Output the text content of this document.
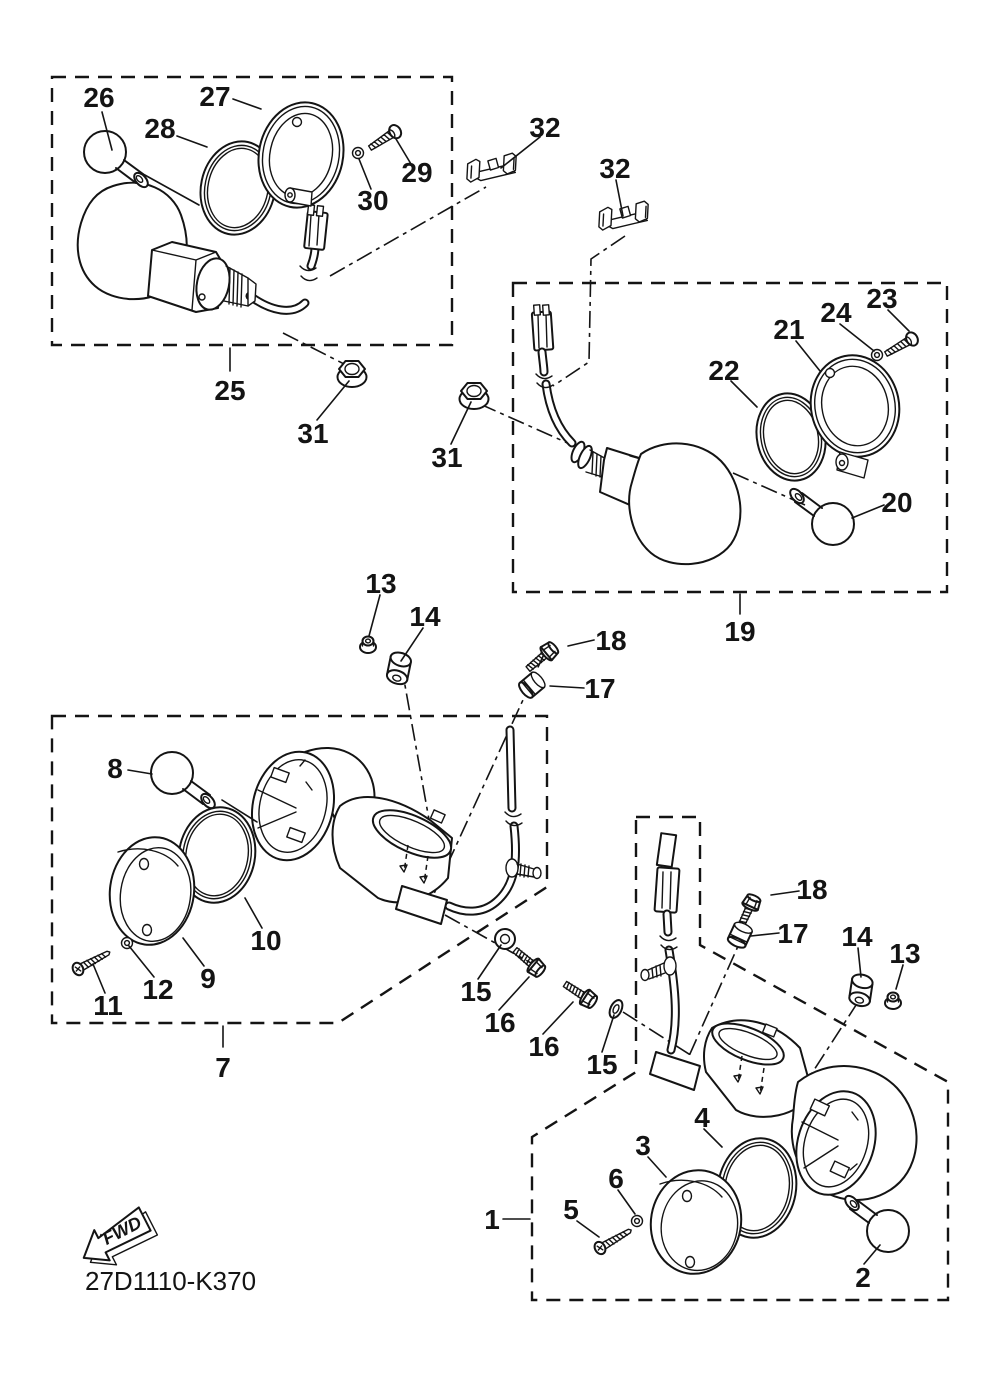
26	27
28
29
30
32
32
25
31
31
23
24
21
22
20
19
13
14
18
17
8
10
9
12
11
7
15
16
16
15
18
17 14
13
4
3
6
5
2
1
FWD
27D1110-K370
